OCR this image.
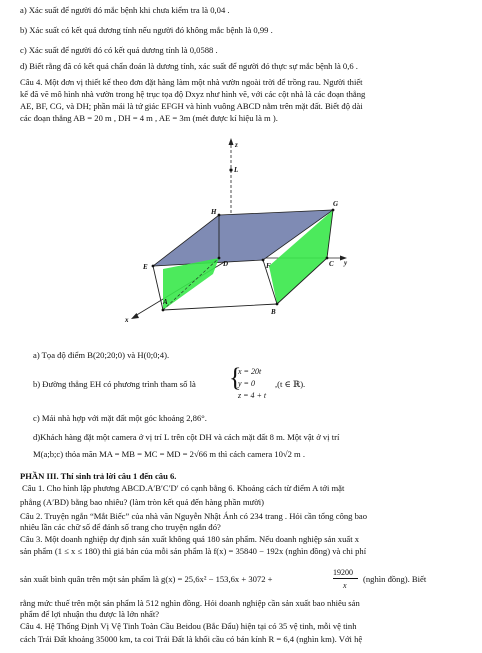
a) Xác suất để người đó mắc bệnh khi chưa kiểm tra là 0,04 .
b) Xác suất có kết quả dương tính nếu người đó không mắc bệnh là 0,99 .
c) Xác suất để người đó có kết quả dương tính là 0,0588 .
d) Biết rằng đã có kết quả chẩn đoán là dương tính, xác suất để người đó thực sự mắc bệnh là 0,6 .
Câu 4. Một đơn vị thiết kế theo đơn đặt hàng làm một nhà vườn ngoài trời để trồng rau. Người thiết
kế đã vẽ mô hình nhà vườn trong hệ trục tọa độ Dxyz như hình vẽ, với các cột nhà là các đoạn thẳng
AE, BF, CG, và DH; phần mái là tứ giác EFGH và hình vuông ABCD nằm trên mặt đất. Biết độ dài
các đoạn thẳng AB = 20 m , DH = 4 m , AE = 3m (mét được kí hiệu là m ).
z
L
H
G
E	F
D	C y
A
B
x
a) Tọa độ điểm B(20;20;0) và H(0;0;4).
b) Đường thẳng EH có phương trình tham số là {
x = 20t
y = 0
z = 4 + t
,(t ∈ ℝ).
c) Mái nhà hợp với mặt đất một góc khoảng 2,86°.
d)Khách hàng đặt một camera ở vị trí L trên cột DH và cách mặt đất 8 m. Một vật ở vị trí
M(a;b;c) thỏa mãn MA = MB = MC = MD = 2√66 m thì cách camera 10√2 m .
PHẦN III. Thí sinh trả lời câu 1 đến câu 6.
Câu 1. Cho hình lập phương ABCD.A′B′C′D′ có cạnh bằng 6. Khoảng cách từ điểm A tới mặt
phẳng (A′BD) bằng bao nhiêu? (làm tròn kết quả đến hàng phần mười)
Câu 2. Truyện ngắn “Mắt Biếc” của nhà văn Nguyễn Nhật Ánh có 234 trang . Hỏi cần tổng công bao
nhiêu lần các chữ số để đánh số trang cho truyện ngắn đó?
Câu 3. Một doanh nghiệp dự định sản xuất không quá 180 sản phẩm. Nếu doanh nghiệp sản xuất x
sản phẩm (1 ≤ x ≤ 180) thì giá bán của mỗi sản phẩm là f(x) = 35840 − 192x (nghìn đồng) và chi phí
sản xuất bình quân trên một sản phẩm là g(x) = 25,6x² − 153,6x + 3072 +
19200
x
(nghìn đồng). Biết
rằng mức thuế trên một sản phẩm là 512 nghìn đồng. Hỏi doanh nghiệp cần sản xuất bao nhiêu sản
phẩm để lợi nhuận thu được là lớn nhất?
Câu 4. Hệ Thống Định Vị Vệ Tinh Toàn Cầu Beidou (Bắc Đẩu) hiện tại có 35 vệ tinh, mỗi vệ tinh
cách Trái Đất khoảng 35000 km, ta coi Trái Đất là khối cầu có bán kính R = 6,4 (nghìn km). Với hệ
